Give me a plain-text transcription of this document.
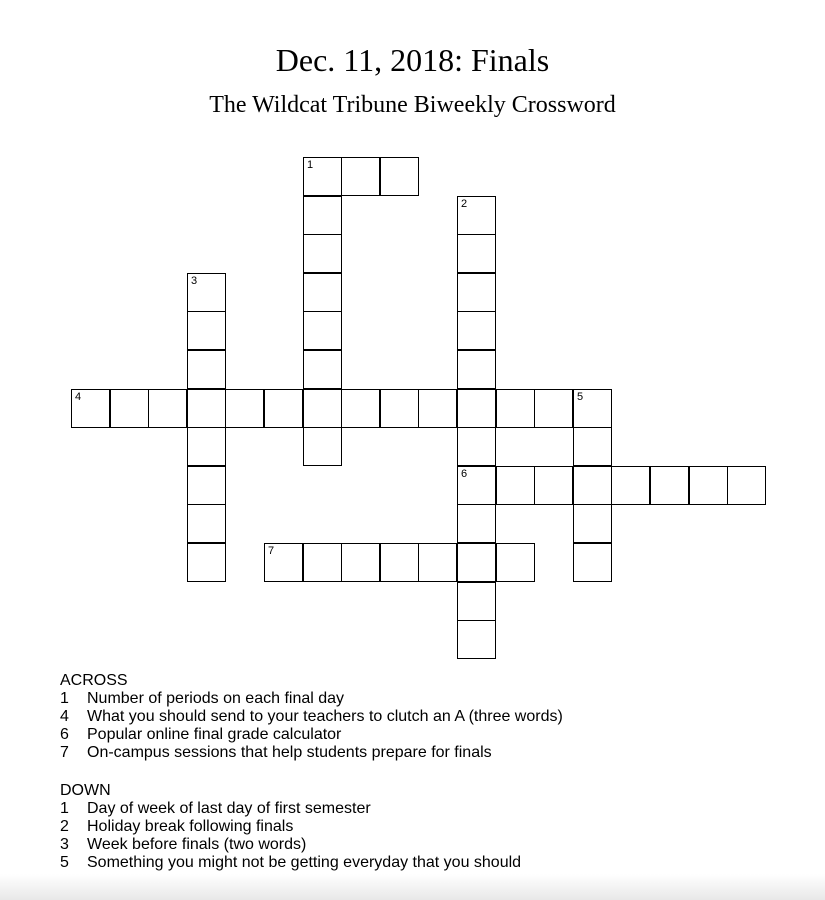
1
2
6
3
4	5
7
Dec. 11, 2018: Finals
The Wildcat Tribune Biweekly Crossword
ACROSS
1	Number of periods on each final day
4	What you should send to your teachers to clutch an A (three words)
6	Popular online final grade calculator
7	On-campus sessions that help students prepare for finals
DOWN
1	Day of week of last day of first semester
2	Holiday break following finals
3	Week before finals (two words)
5	Something you might not be getting everyday that you should
